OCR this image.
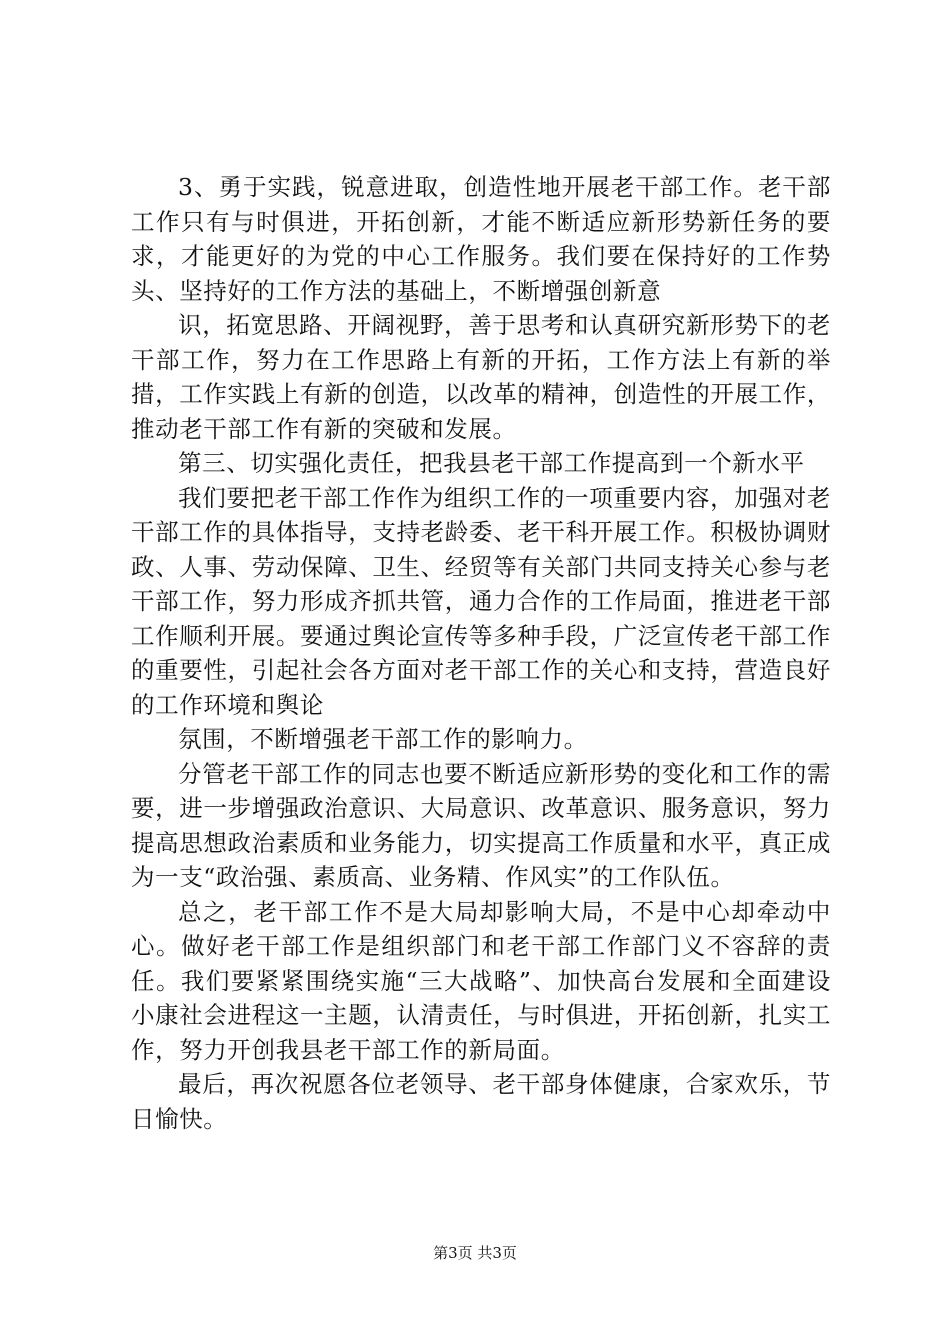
3、勇于实践，锐意进取，创造性地开展老干部工作。老干部工作只有与时俱进，开拓创新，才能不断适应新形势新任务的要求，才能更好的为党的中心工作服务。我们要在保持好的工作势头、坚持好的工作方法的基础上，不断增强创新意

识，拓宽思路、开阔视野，善于思考和认真研究新形势下的老干部工作，努力在工作思路上有新的开拓，工作方法上有新的举措，工作实践上有新的创造，以改革的精神，创造性的开展工作，推动老干部工作有新的突破和发展。

第三、切实强化责任，把我县老干部工作提高到一个新水平

我们要把老干部工作作为组织工作的一项重要内容，加强对老干部工作的具体指导，支持老龄委、老干科开展工作。积极协调财政、人事、劳动保障、卫生、经贸等有关部门共同支持关心参与老干部工作，努力形成齐抓共管，通力合作的工作局面，推进老干部工作顺利开展。要通过舆论宣传等多种手段，广泛宣传老干部工作的重要性，引起社会各方面对老干部工作的关心和支持，营造良好的工作环境和舆论

氛围，不断增强老干部工作的影响力。

分管老干部工作的同志也要不断适应新形势的变化和工作的需要，进一步增强政治意识、大局意识、改革意识、服务意识，努力提高思想政治素质和业务能力，切实提高工作质量和水平，真正成为一支“政治强、素质高、业务精、作风实”的工作队伍。

总之，老干部工作不是大局却影响大局，不是中心却牵动中心。做好老干部工作是组织部门和老干部工作部门义不容辞的责任。我们要紧紧围绕实施“三大战略”、加快高台发展和全面建设小康社会进程这一主题，认清责任，与时俱进，开拓创新，扎实工作，努力开创我县老干部工作的新局面。

最后，再次祝愿各位老领导、老干部身体健康，合家欢乐，节日愉快。

第3页 共3页
